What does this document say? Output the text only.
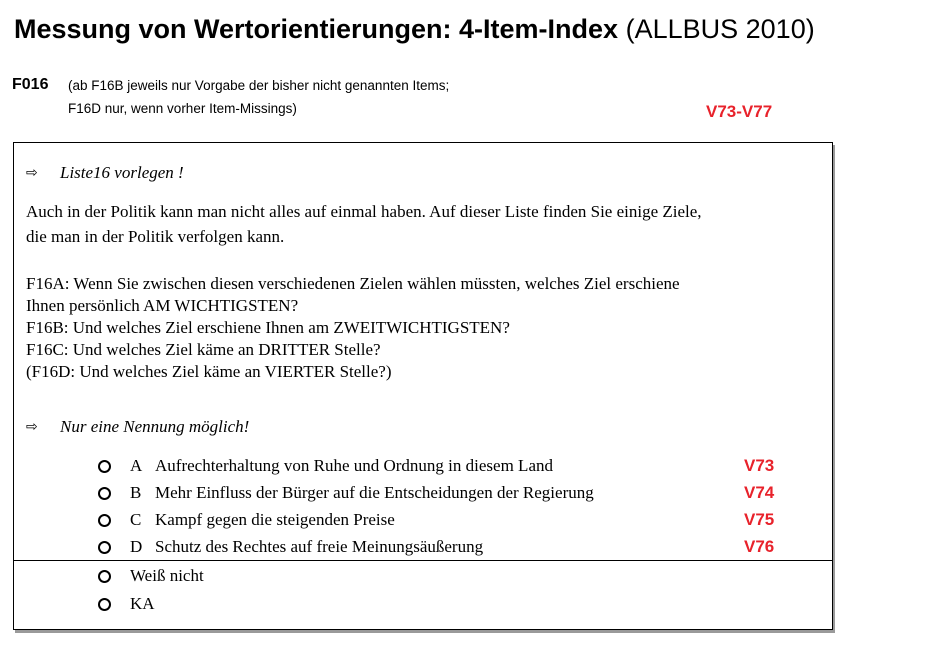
Messung von Wertorientierungen: 4-Item-Index (ALLBUS 2010)
F016 (ab F16B jeweils nur Vorgabe der bisher nicht genannten Items;
F16D nur, wenn vorher Item-Missings)	V73-V77
⇨ Liste16 vorlegen !
Auch in der Politik kann man nicht alles auf einmal haben. Auf dieser Liste finden Sie einige Ziele,
die man in der Politik verfolgen kann.
F16A: Wenn Sie zwischen diesen verschiedenen Zielen wählen müssten, welches Ziel erschiene
Ihnen persönlich AM WICHTIGSTEN?
F16B: Und welches Ziel erschiene Ihnen am ZWEITWICHTIGSTEN?
F16C: Und welches Ziel käme an DRITTER Stelle?
(F16D: Und welches Ziel käme an VIERTER Stelle?)
⇨ Nur eine Nennung möglich!
A Aufrechterhaltung von Ruhe und Ordnung in diesem Land	V73
B Mehr Einfluss der Bürger auf die Entscheidungen der Regierung	V74
C Kampf gegen die steigenden Preise	V75
D Schutz des Rechtes auf freie Meinungsäußerung	V76
Weiß nicht
KA
